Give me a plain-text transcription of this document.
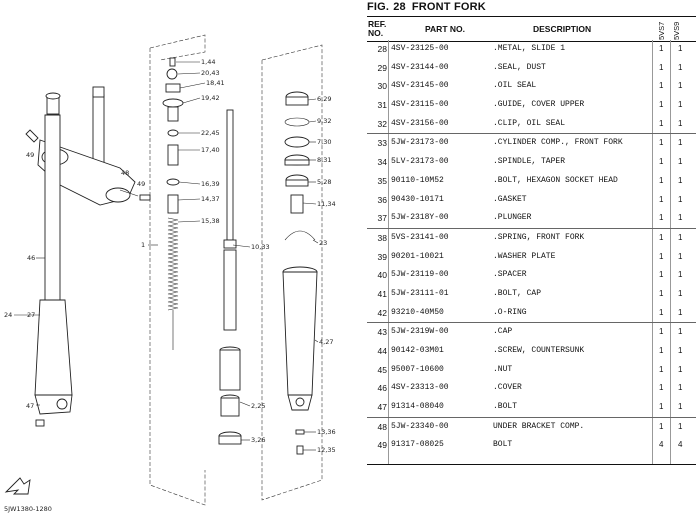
1,44
20,43
18,41
19,42
22,45
17,40
16,39
14,37
15,38
10,33
2,25
3,26
6,29
9,32
7,30
8,31
5,28
11,34
23
4,27
13,36
12,35
49
48
49
46
24 27
47
1
5JW1380-1280
FIG. 28 FRONT FORK
REF. NO.	PART NO.	DESCRIPTION	5VS7 5VS9
28 4SV-23125-00	.METAL, SLIDE 1	1 1
29 4SV-23144-00	.SEAL, DUST	1 1
30 4SV-23145-00	.OIL SEAL	1 1
31 4SV-23115-00	.GUIDE, COVER UPPER	1 1
32 4SV-23156-00	.CLIP, OIL SEAL	1 1
33 5JW-23173-00	.CYLINDER COMP., FRONT FORK	1 1
34 5LV-23173-00	.SPINDLE, TAPER	1 1
35 90110-10M52	.BOLT, HEXAGON SOCKET HEAD	1 1
36 90430-10171	.GASKET	1 1
37 5JW-2318Y-00	.PLUNGER	1 1
38 5VS-23141-00	.SPRING, FRONT FORK	1 1
39 90201-10021	.WASHER PLATE	1 1
40 5JW-23119-00	.SPACER	1 1
41 5JW-23111-01	.BOLT, CAP	1 1
42 93210-40M50	.O-RING	1 1
43 5JW-2319W-00	.CAP	1 1
44 90142-03M01	.SCREW, COUNTERSUNK	1 1
45 95007-10600	.NUT	1 1
46 4SV-23313-00	.COVER	1 1
47 91314-08040	.BOLT	1 1
48 5JW-23340-00	UNDER BRACKET COMP.	1 1
49 91317-08025	BOLT	4 4
